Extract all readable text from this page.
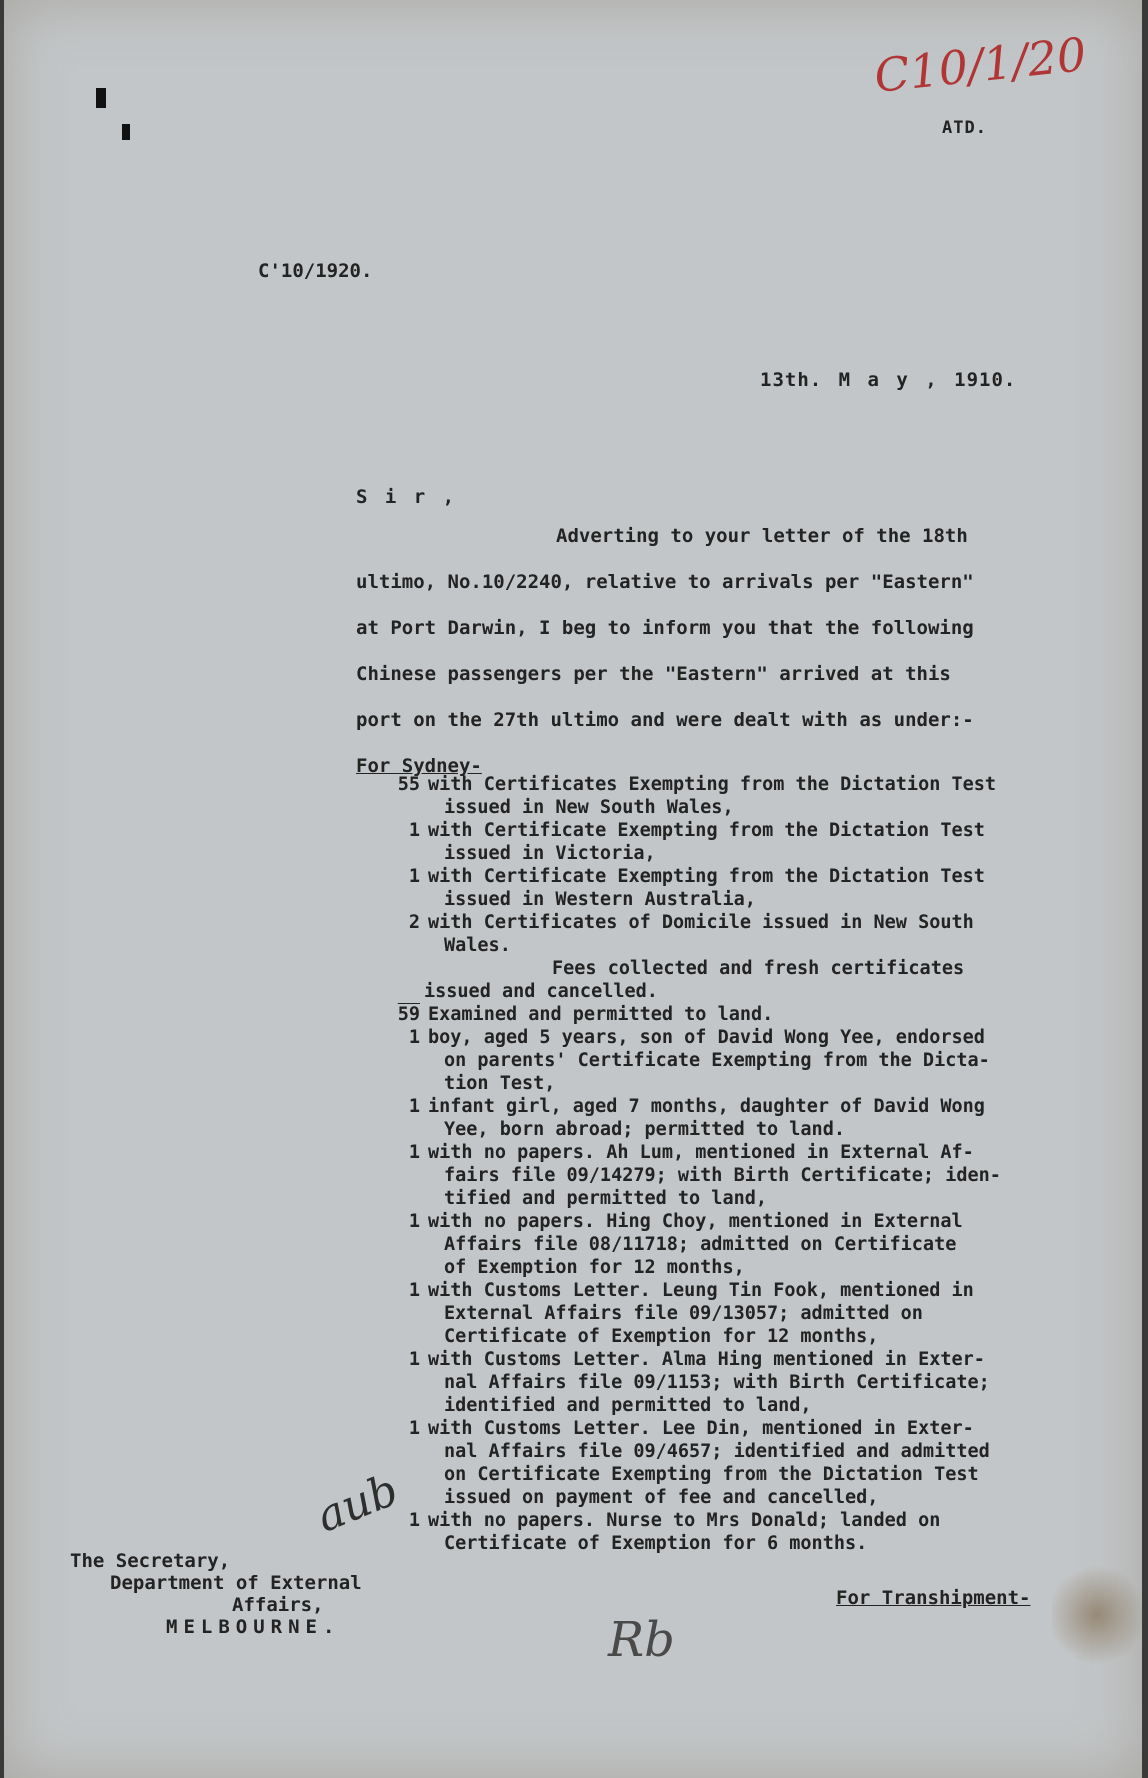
C10/1/20
ATD.
C'10/1920.
13th. M a y , 1910.
S i r ,
Adverting to your letter of the 18th
ultimo, No.10/2240, relative to arrivals per "Eastern"
at Port Darwin, I beg to inform you that the following
Chinese passengers per the "Eastern" arrived at this
port on the 27th ultimo and were dealt with as under:-
For Sydney-
55 with Certificates Exempting from the Dictation Test
issued in New South Wales,
1 with Certificate Exempting from the Dictation Test
issued in Victoria,
1 with Certificate Exempting from the Dictation Test
issued in Western Australia,
2 with Certificates of Domicile issued in New South
Wales.
Fees collected and fresh certificates
issued and cancelled.
59 Examined and permitted to land.
1 boy, aged 5 years, son of David Wong Yee, endorsed
on parents' Certificate Exempting from the Dicta-
tion Test,
1 infant girl, aged 7 months, daughter of David Wong
Yee, born abroad; permitted to land.
1 with no papers. Ah Lum, mentioned in External Af-
fairs file 09/14279; with Birth Certificate; iden-
tified and permitted to land,
1 with no papers. Hing Choy, mentioned in External
Affairs file 08/11718; admitted on Certificate
of Exemption for 12 months,
1 with Customs Letter. Leung Tin Fook, mentioned in
External Affairs file 09/13057; admitted on
Certificate of Exemption for 12 months,
1 with Customs Letter. Alma Hing mentioned in Exter-
nal Affairs file 09/1153; with Birth Certificate;
identified and permitted to land,
1 with Customs Letter. Lee Din, mentioned in Exter-
nal Affairs file 09/4657; identified and admitted
on Certificate Exempting from the Dictation Test
issued on payment of fee and cancelled,
1 with no papers. Nurse to Mrs Donald; landed on
Certificate of Exemption for 6 months.
aub
The Secretary,
Department of External
Affairs,
MELBOURNE.
For Transhipment-
Rb
